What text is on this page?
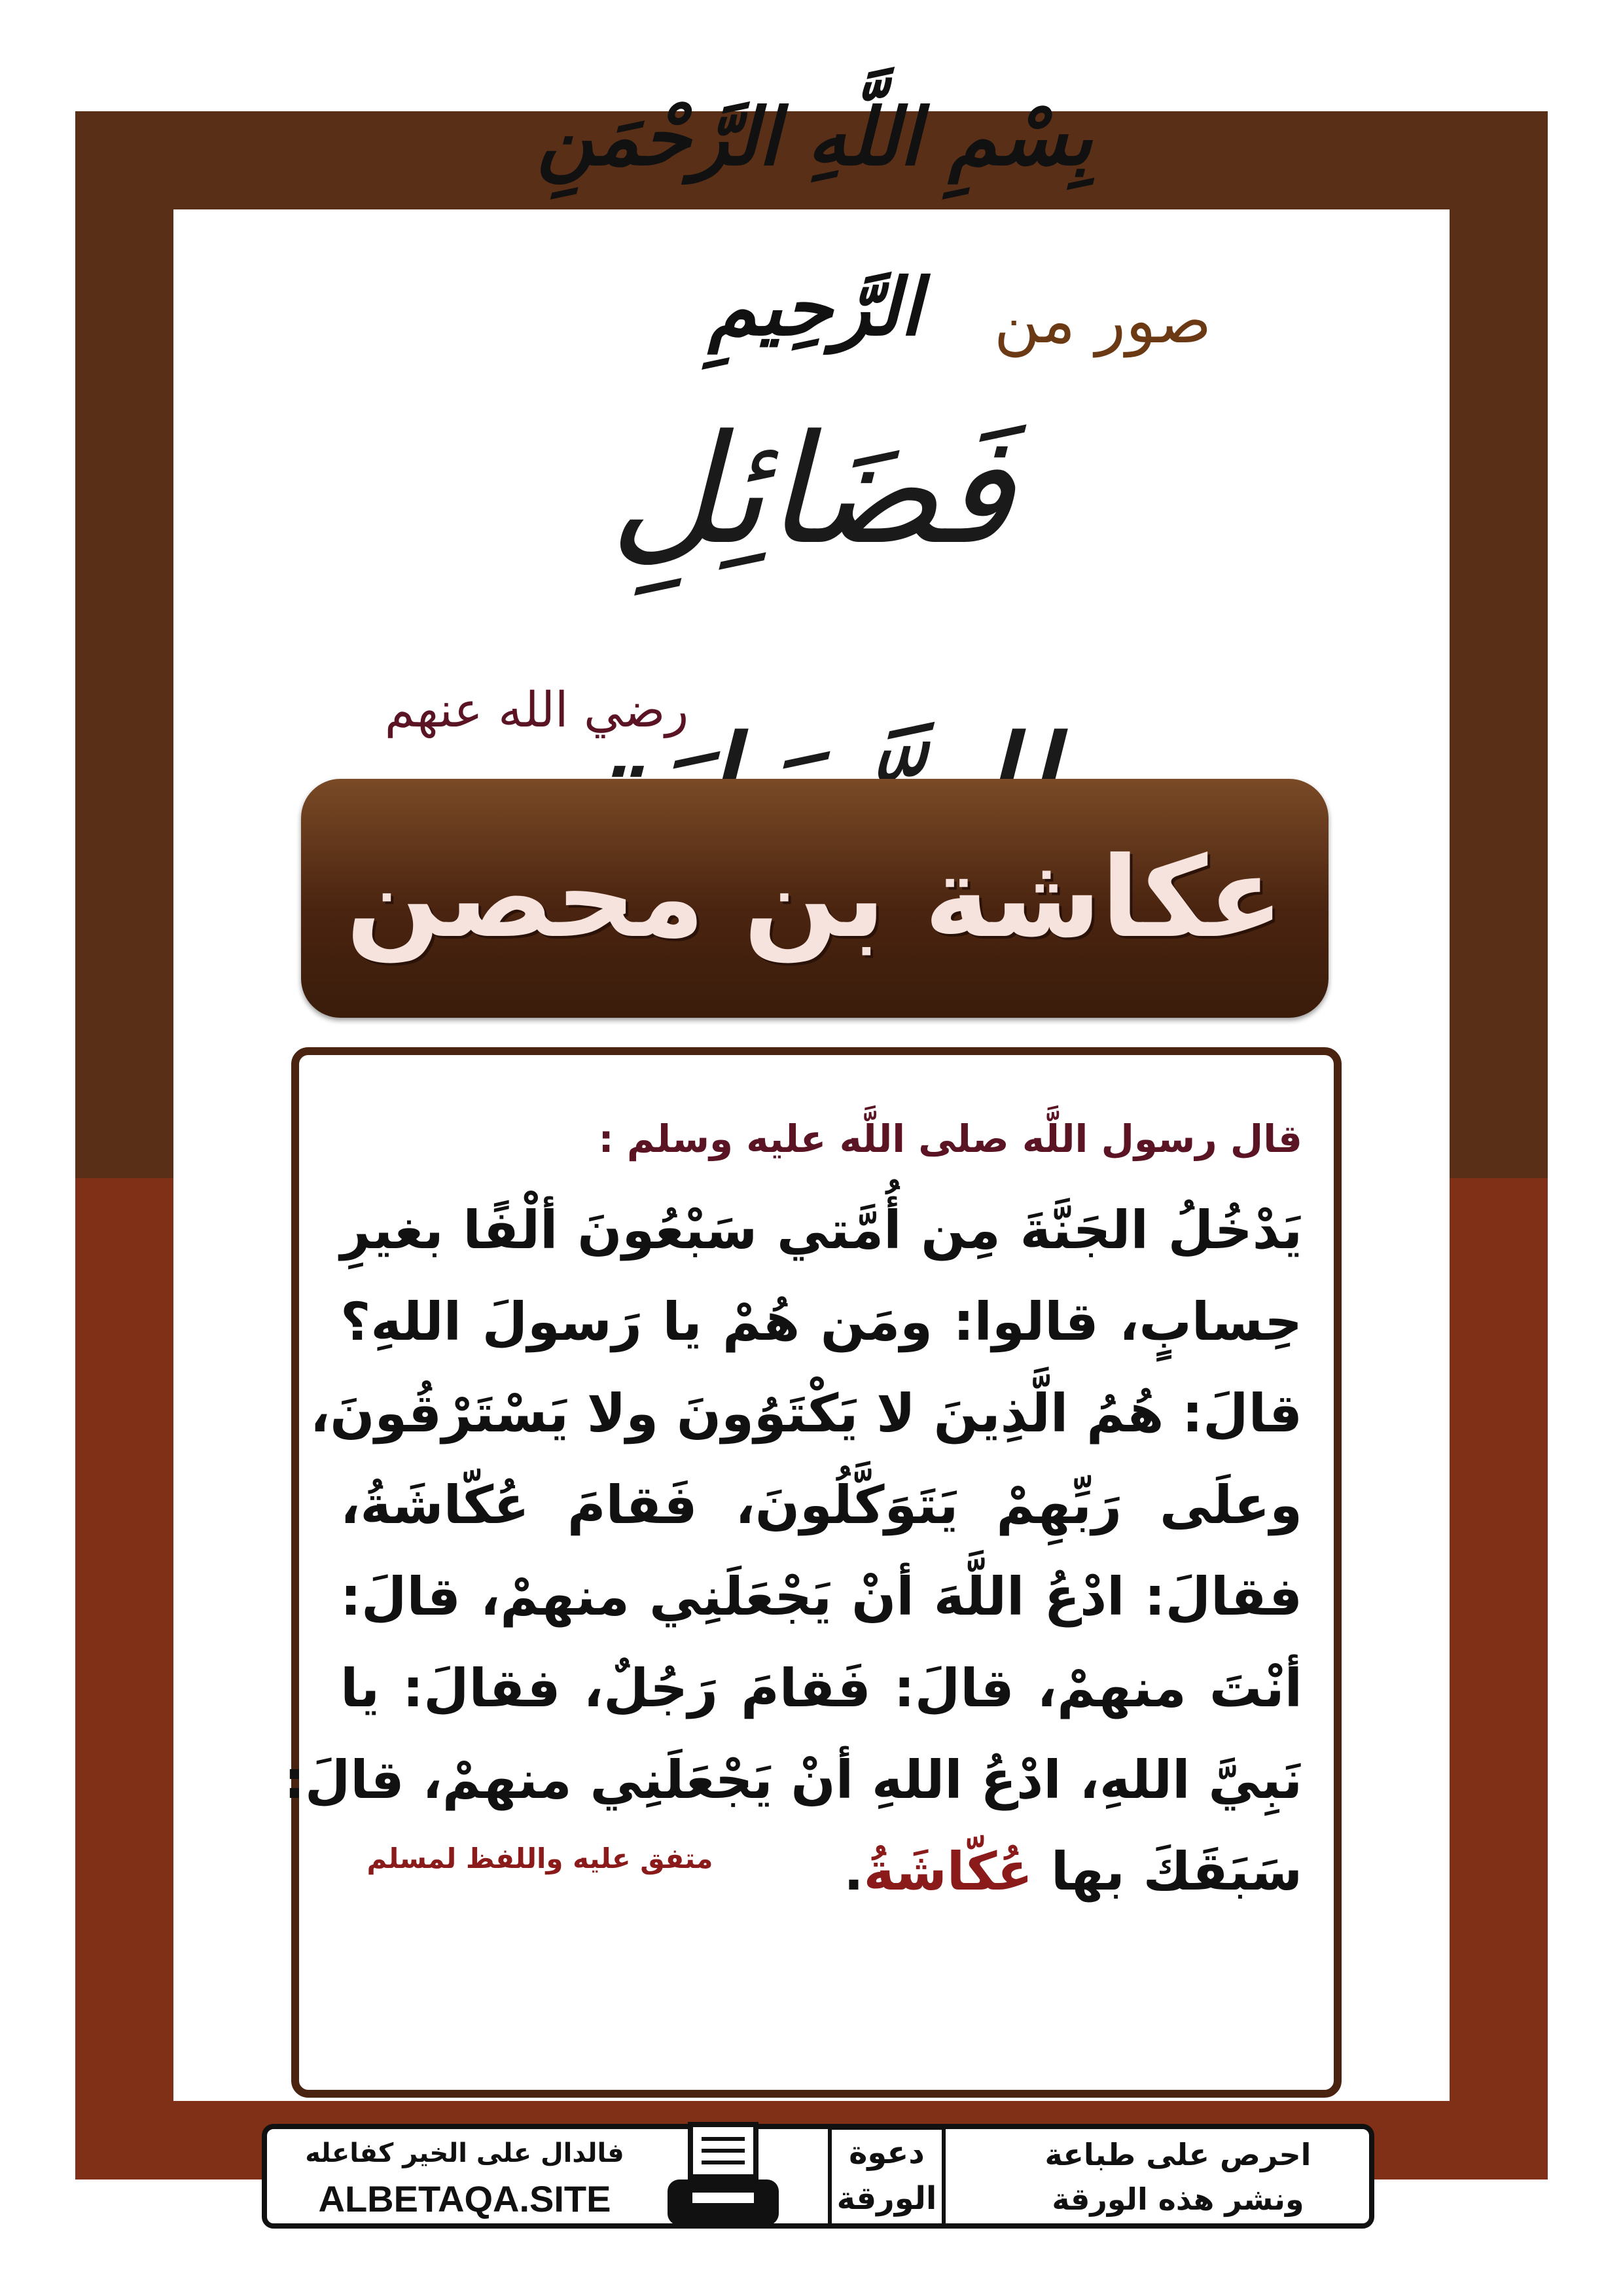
بِسْمِ اللَّهِ الرَّحْمَنِ الرَّحِيمِ	صور من
فَضَائِلِ
رضي الله عنهم
عكاشة بن محصن
قال رسول اللَّه صلى اللَّه عليه وسلم :
يَدْخُلُ الجَنَّةَ مِن أُمَّتي سَبْعُونَ ألْفًا بغيرِ
حِسابٍ، قالوا: ومَن هُمْ يا رَسولَ اللهِ؟
قالَ: هُمُ الَّذِينَ لا يَكْتَوُونَ ولا يَسْتَرْقُونَ،
وعلَى رَبِّهِمْ يَتَوَكَّلُونَ، فَقامَ عُكّاشَةُ،
فقالَ: ادْعُ اللَّهَ أنْ يَجْعَلَنِي منهمْ، قالَ:
أنْتَ منهمْ، قالَ: فَقامَ رَجُلٌ، فقالَ: يا
نَبِيَّ اللهِ، ادْعُ اللهِ أنْ يَجْعَلَنِي منهمْ، قالَ:
سَبَقَكَ بها عُكّاشَةُ.
متفق عليه واللفظ لمسلم
فالدال على الخير كفاعله
ALBETAQA.SITE
دعوة الورقة
احرص على طباعة
ونشر هذه الورقة
